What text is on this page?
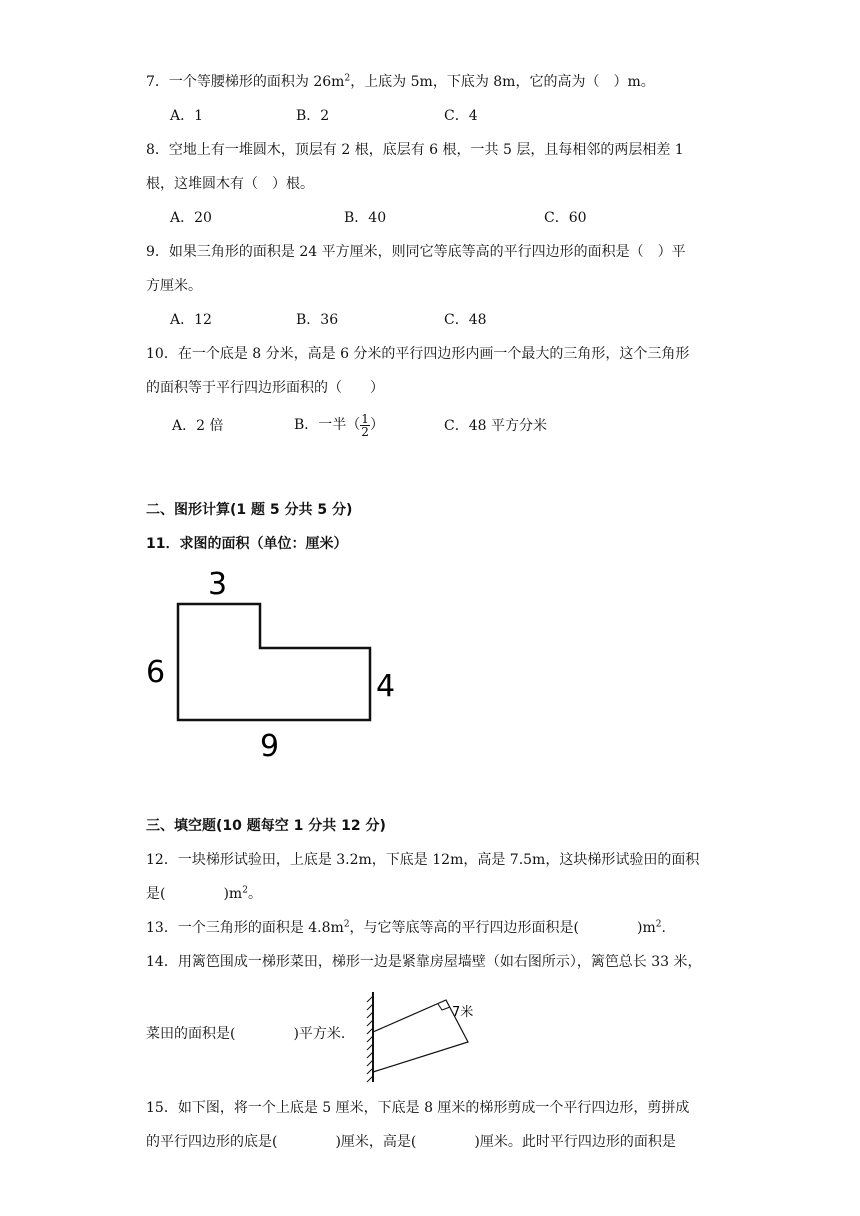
7．一个等腰梯形的面积为 $26m^2$，上底为 5m，下底为 8m，它的高为（　）m。
A．1	B．2	C．4
8．空地上有一堆圆木，顶层有 2 根，底层有 6 根，一共 5 层，且每相邻的两层相差 1
根，这堆圆木有（　）根。
A．20	B．40	C．60
9．如果三角形的面积是 24 平方厘米，则同它等底等高的平行四边形的面积是（　）平
方厘米。
A．12	B．36	C．48
10．在一个底是 8 分米，高是 6 分米的平行四边形内画一个最大的三角形，这个三角形
的面积等于平行四边形面积的（　　）
A．2 倍	B．一半（ $\frac{1}{2}$ ）	C．48 平方分米
二、图形计算(1 题 5 分共 5 分)
11．求图的面积（单位：厘米）
3
6	4
9
三、填空题(10 题每空 1 分共 12 分)
12．一块梯形试验田，上底是 3.2m，下底是 12m，高是 7.5m，这块梯形试验田的面积
是(	)$m^2$。
13．一个三角形的面积是 $4.8m^2$，与它等底等高的平行四边形面积是(	)$m^2$.
14．用篱笆围成一梯形菜田，梯形一边是紧靠房屋墙壁（如右图所示），篱笆总长 33 米，
菜田的面积是(	)平方米.
7米
15．如下图，将一个上底是 5 厘米，下底是 8 厘米的梯形剪成一个平行四边形，剪拼成
的平行四边形的底是(	)厘米，高是(	)厘米。此时平行四边形的面积是
